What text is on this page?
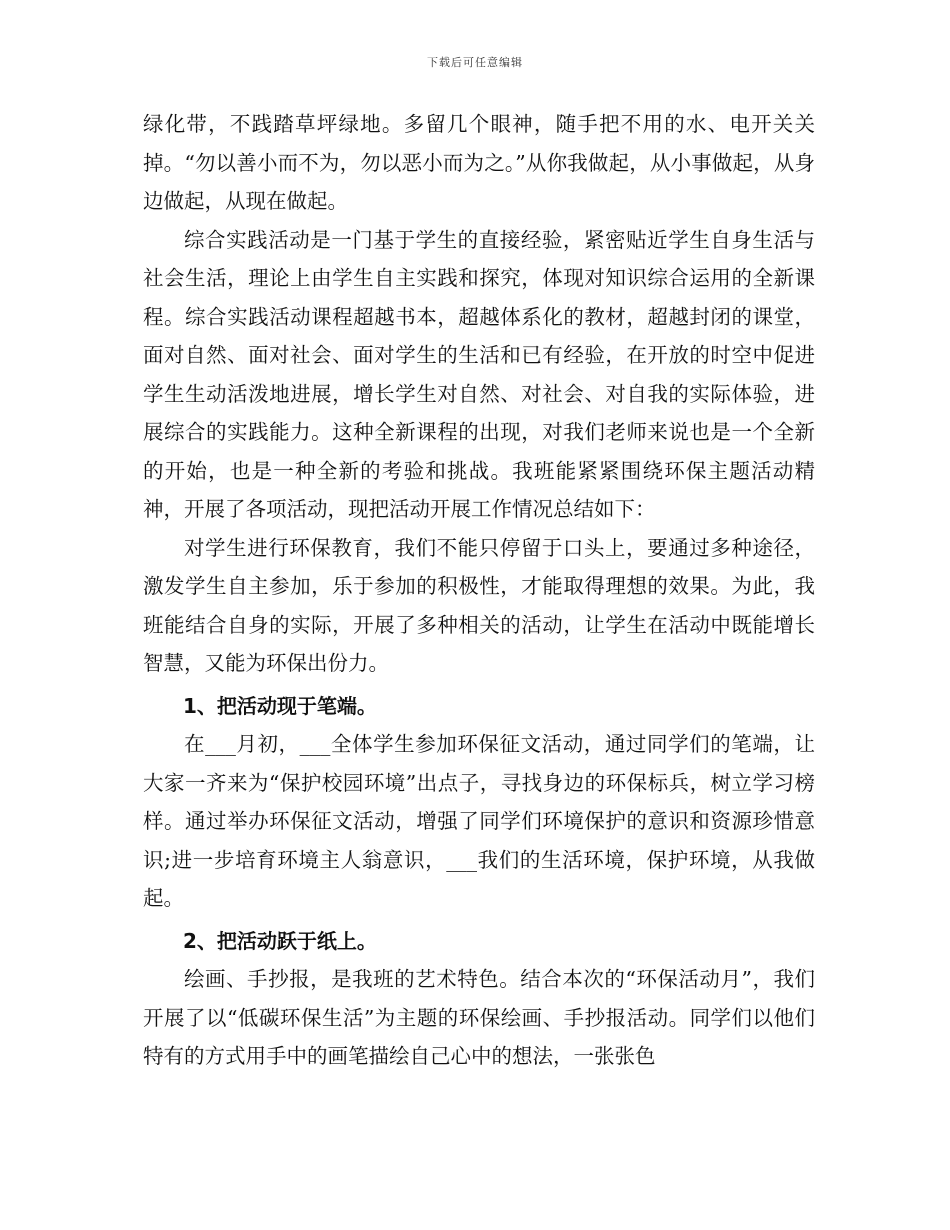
下载后可任意编辑

绿化带，不践踏草坪绿地。多留几个眼神，随手把不用的水、电开关关掉。“勿以善小而不为，勿以恶小而为之。”从你我做起，从小事做起，从身边做起，从现在做起。

综合实践活动是一门基于学生的直接经验，紧密贴近学生自身生活与社会生活，理论上由学生自主实践和探究，体现对知识综合运用的全新课程。综合实践活动课程超越书本，超越体系化的教材，超越封闭的课堂，面对自然、面对社会、面对学生的生活和已有经验，在开放的时空中促进学生生动活泼地进展，增长学生对自然、对社会、对自我的实际体验，进展综合的实践能力。这种全新课程的出现，对我们老师来说也是一个全新的开始，也是一种全新的考验和挑战。我班能紧紧围绕环保主题活动精神，开展了各项活动，现把活动开展工作情况总结如下：

对学生进行环保教育，我们不能只停留于口头上，要通过多种途径，激发学生自主参加，乐于参加的积极性，才能取得理想的效果。为此，我班能结合自身的实际，开展了多种相关的活动，让学生在活动中既能增长智慧，又能为环保出份力。

1、把活动现于笔端。

在___月初，___全体学生参加环保征文活动，通过同学们的笔端，让大家一齐来为“保护校园环境”出点子，寻找身边的环保标兵，树立学习榜样。通过举办环保征文活动，增强了同学们环境保护的意识和资源珍惜意识;进一步培育环境主人翁意识，___我们的生活环境，保护环境，从我做起。

2、把活动跃于纸上。

绘画、手抄报，是我班的艺术特色。结合本次的“环保活动月”，我们开展了以“低碳环保生活”为主题的环保绘画、手抄报活动。同学们以他们特有的方式用手中的画笔描绘自己心中的想法，一张张色
